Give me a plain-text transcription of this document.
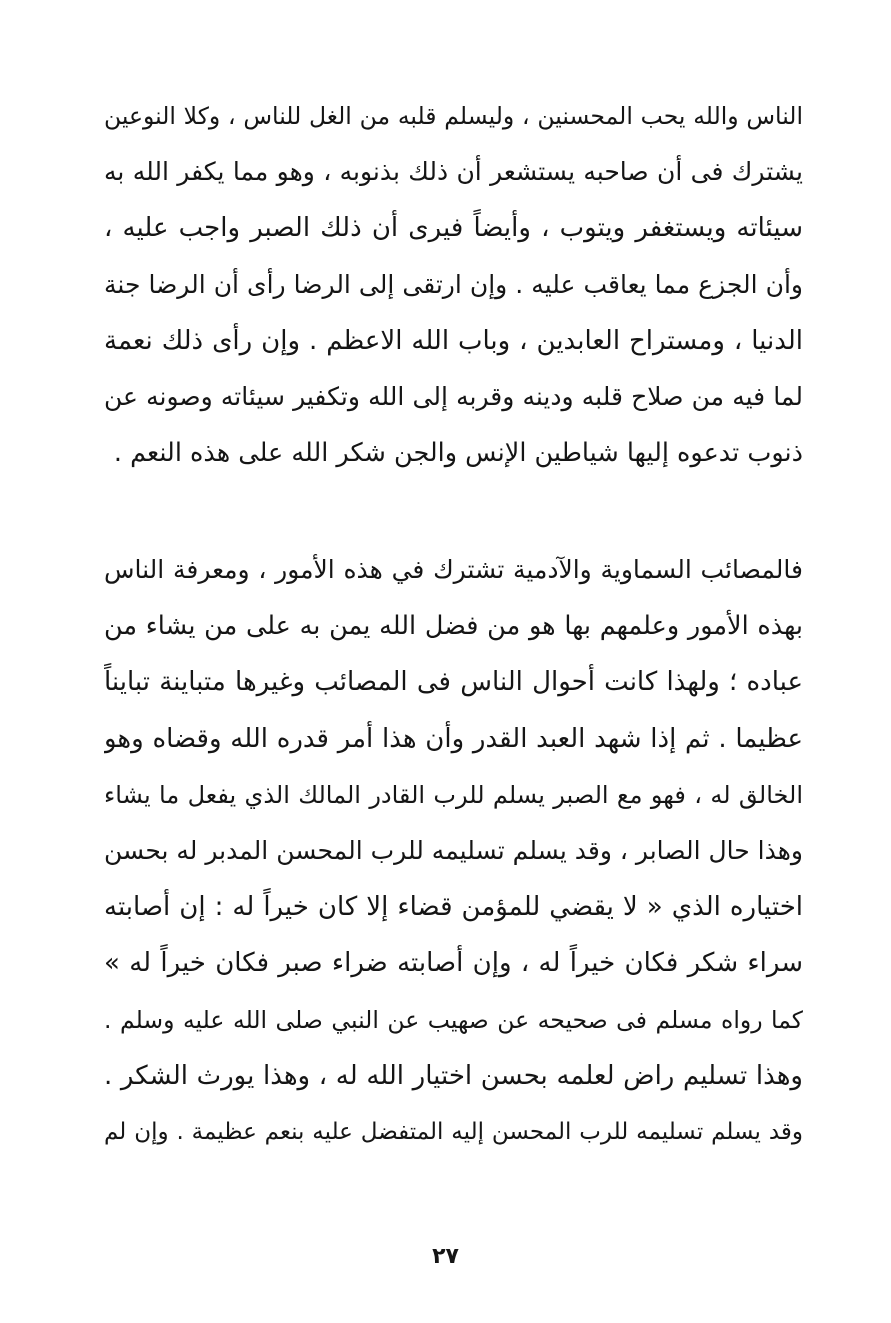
الناس والله يحب المحسنين ، وليسلم قلبه من الغل للناس ، وكلا النوعين
يشترك فى أن صاحبه يستشعر أن ذلك بذنوبه ، وهو مما يكفر الله به
سيئاته ويستغفر ويتوب ، وأيضاً فيرى أن ذلك الصبر واجب عليه ،
وأن الجزع مما يعاقب عليه . وإن ارتقى إلى الرضا رأى أن الرضا جنة
الدنيا ، ومستراح العابدين ، وباب الله الاعظم . وإن رأى ذلك نعمة
لما فيه من صلاح قلبه ودينه وقربه إلى الله وتكفير سيئاته وصونه عن
ذنوب تدعوه إليها شياطين الإنس والجن شكر الله على هذه النعم .
فالمصائب السماوية والآدمية تشترك في هذه الأمور ، ومعرفة الناس
بهذه الأمور وعلمهم بها هو من فضل الله يمن به على من يشاء من
عباده ؛ ولهذا كانت أحوال الناس فى المصائب وغيرها متباينة تبايناً
عظيما . ثم إذا شهد العبد القدر وأن هذا أمر قدره الله وقضاه وهو
الخالق له ، فهو مع الصبر يسلم للرب القادر المالك الذي يفعل ما يشاء
وهذا حال الصابر ، وقد يسلم تسليمه للرب المحسن المدبر له بحسن
اختياره الذي « لا يقضي للمؤمن قضاء إلا كان خيراً له : إن أصابته
سراء شكر فكان خيراً له ، وإن أصابته ضراء صبر فكان خيراً له »
كما رواه مسلم فى صحيحه عن صهيب عن النبي صلى الله عليه وسلم .
وهذا تسليم راض لعلمه بحسن اختيار الله له ، وهذا يورث الشكر .
وقد يسلم تسليمه للرب المحسن إليه المتفضل عليه بنعم عظيمة . وإن لم
٢٧
